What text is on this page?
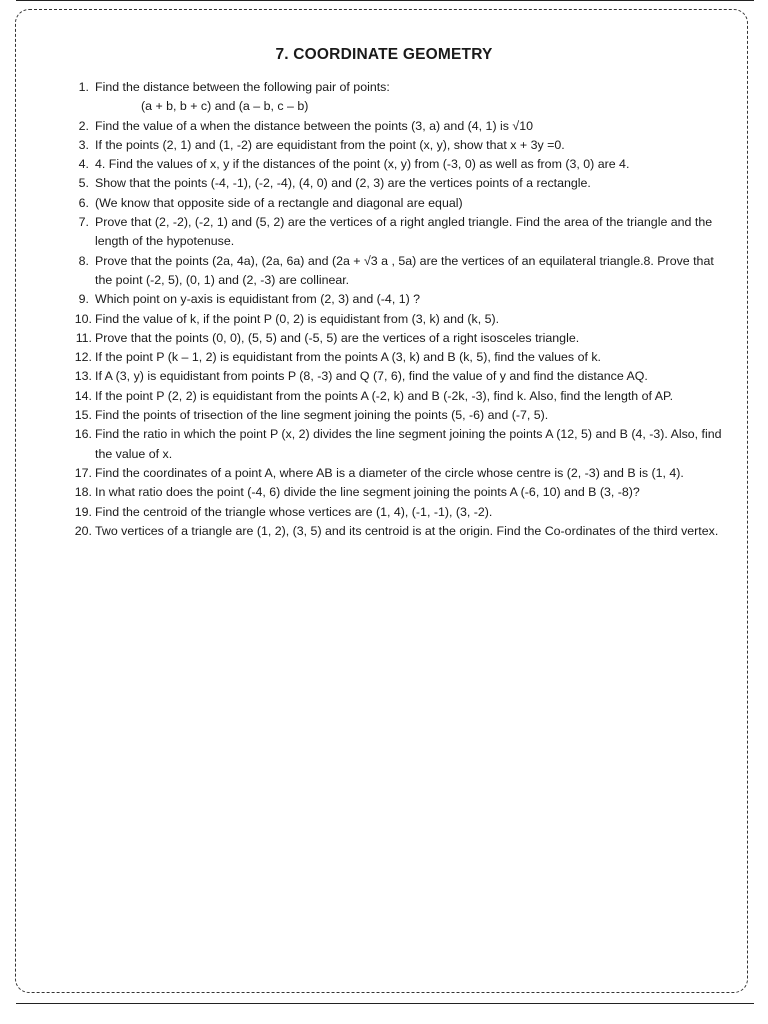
7. COORDINATE GEOMETRY
1. Find the distance between the following pair of points:
(a + b, b + c) and (a – b, c – b)
2. Find the value of a when the distance between the points (3, a) and (4, 1) is √10
3. If the points (2, 1) and (1, -2) are equidistant from the point (x, y), show that x + 3y =0.
4. 4. Find the values of x, y if the distances of the point (x, y) from (-3, 0) as well as from (3, 0) are 4.
5. Show that the points (-4, -1), (-2, -4), (4, 0) and (2, 3) are the vertices points of a rectangle.
6. (We know that opposite side of a rectangle and diagonal are equal)
7. Prove that (2, -2), (-2, 1) and (5, 2) are the vertices of a right angled triangle. Find the area of the triangle and the length of the hypotenuse.
8. Prove that the points (2a, 4a), (2a, 6a) and (2a + √3 a , 5a) are the vertices of an equilateral triangle.8. Prove that the point (-2, 5), (0, 1) and (2, -3) are collinear.
9. Which point on y-axis is equidistant from (2, 3) and (-4, 1) ?
10. Find the value of k, if the point P (0, 2) is equidistant from (3, k) and (k, 5).
11. Prove that the points (0, 0), (5, 5) and (-5, 5) are the vertices of a right isosceles triangle.
12. If the point P (k – 1, 2) is equidistant from the points A (3, k) and B (k, 5), find the values of k.
13. If A (3, y) is equidistant from points P (8, -3) and Q (7, 6), find the value of y and find the distance AQ.
14. If the point P (2, 2) is equidistant from the points A (-2, k) and B (-2k, -3), find k. Also, find the length of AP.
15. Find the points of trisection of the line segment joining the points (5, -6) and (-7, 5).
16. Find the ratio in which the point P (x, 2) divides the line segment joining the points A (12, 5) and B (4, -3). Also, find the value of x.
17. Find the coordinates of a point A, where AB is a diameter of the circle whose centre is (2, -3) and B is (1, 4).
18. In what ratio does the point (-4, 6) divide the line segment joining the points A (-6, 10) and B (3, -8)?
19. Find the centroid of the triangle whose vertices are (1, 4), (-1, -1), (3, -2).
20. Two vertices of a triangle are (1, 2), (3, 5) and its centroid is at the origin. Find the Co-ordinates of the third vertex.
